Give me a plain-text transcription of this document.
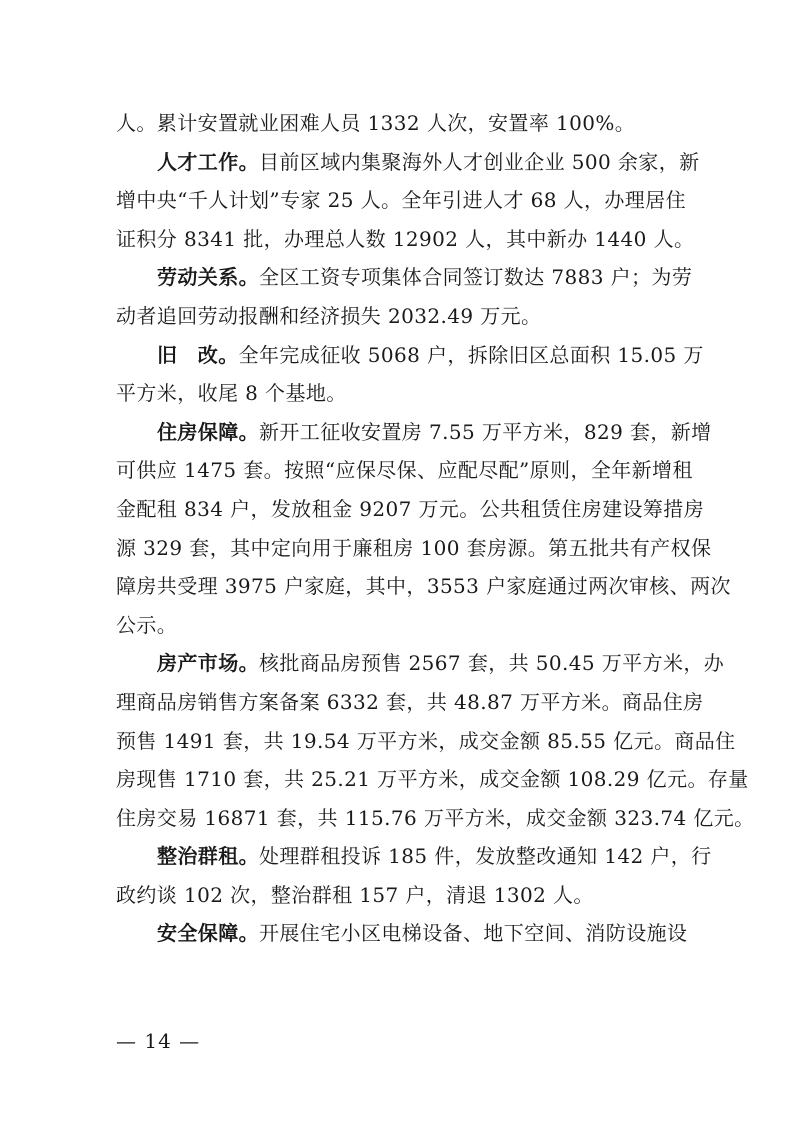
人。累计安置就业困难人员 1332 人次，安置率 100%。
人才工作。目前区域内集聚海外人才创业企业 500 余家，新
增中央“千人计划”专家 25 人。全年引进人才 68 人，办理居住
证积分 8341 批，办理总人数 12902 人，其中新办 1440 人。
劳动关系。全区工资专项集体合同签订数达 7883 户；为劳
动者追回劳动报酬和经济损失 2032.49 万元。
旧　改。全年完成征收 5068 户，拆除旧区总面积 15.05 万
平方米，收尾 8 个基地。
住房保障。新开工征收安置房 7.55 万平方米，829 套，新增
可供应 1475 套。按照“应保尽保、应配尽配”原则，全年新增租
金配租 834 户，发放租金 9207 万元。公共租赁住房建设筹措房
源 329 套，其中定向用于廉租房 100 套房源。第五批共有产权保
障房共受理 3975 户家庭，其中，3553 户家庭通过两次审核、两次
公示。
房产市场。核批商品房预售 2567 套，共 50.45 万平方米，办
理商品房销售方案备案 6332 套，共 48.87 万平方米。商品住房
预售 1491 套，共 19.54 万平方米，成交金额 85.55 亿元。商品住
房现售 1710 套，共 25.21 万平方米，成交金额 108.29 亿元。存量
住房交易 16871 套，共 115.76 万平方米，成交金额 323.74 亿元。
整治群租。处理群租投诉 185 件，发放整改通知 142 户，行
政约谈 102 次，整治群租 157 户，清退 1302 人。
安全保障。开展住宅小区电梯设备、地下空间、消防设施设
— 14 —
